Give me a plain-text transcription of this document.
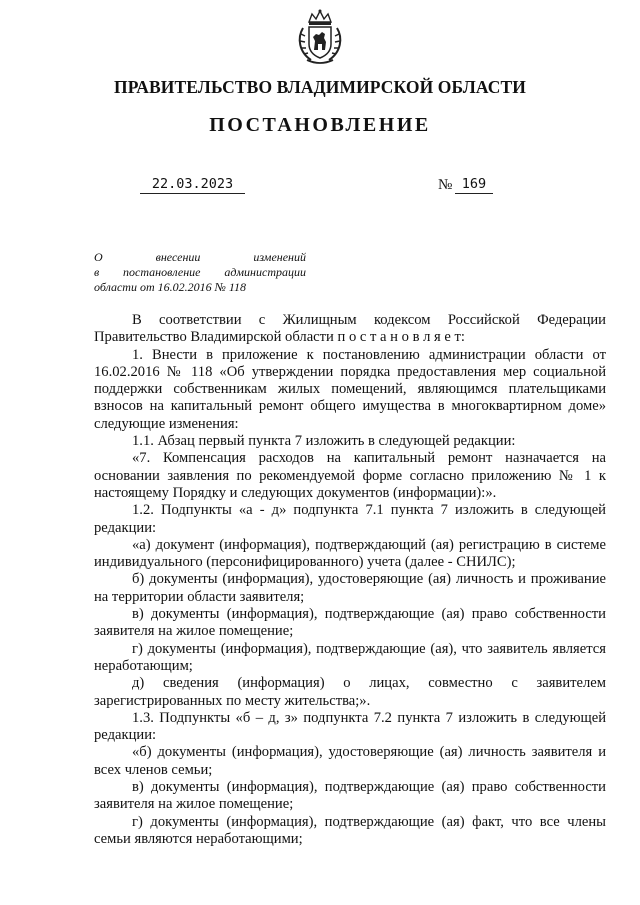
ПРАВИТЕЛЬСТВО ВЛАДИМИРСКОЙ ОБЛАСТИ
ПОСТАНОВЛЕНИЕ
22.03.2023	№ 169
О внесении изменений
в постановление администрации
области от 16.02.2016 № 118

В соответствии с Жилищным кодексом Российской Федерации Правительство Владимирской области п о с т а н о в л я е т:

1. Внести в приложение к постановлению администрации области от 16.02.2016 № 118 «Об утверждении порядка предоставления мер социальной поддержки собственникам жилых помещений, являющимся плательщиками взносов на капитальный ремонт общего имущества в многоквартирном доме» следующие изменения:

1.1. Абзац первый пункта 7 изложить в следующей редакции:

«7. Компенсация расходов на капитальный ремонт назначается на основании заявления по рекомендуемой форме согласно приложению № 1 к настоящему Порядку и следующих документов (информации):».

1.2. Подпункты «а - д» подпункта 7.1 пункта 7 изложить в следующей редакции:

«а) документ (информация), подтверждающий (ая) регистрацию в системе индивидуального (персонифицированного) учета (далее - СНИЛС);

б) документы (информация), удостоверяющие (ая) личность и проживание на территории области заявителя;

в) документы (информация), подтверждающие (ая) право собственности заявителя на жилое помещение;

г) документы (информация), подтверждающие (ая), что заявитель является неработающим;

д) сведения (информация) о лицах, совместно с заявителем зарегистрированных по месту жительства;».

1.3. Подпункты «б – д, з» подпункта 7.2 пункта 7 изложить в следующей редакции:

«б) документы (информация), удостоверяющие (ая) личность заявителя и всех членов семьи;

в) документы (информация), подтверждающие (ая) право собственности заявителя на жилое помещение;

г) документы (информация), подтверждающие (ая) факт, что все члены семьи являются неработающими;
